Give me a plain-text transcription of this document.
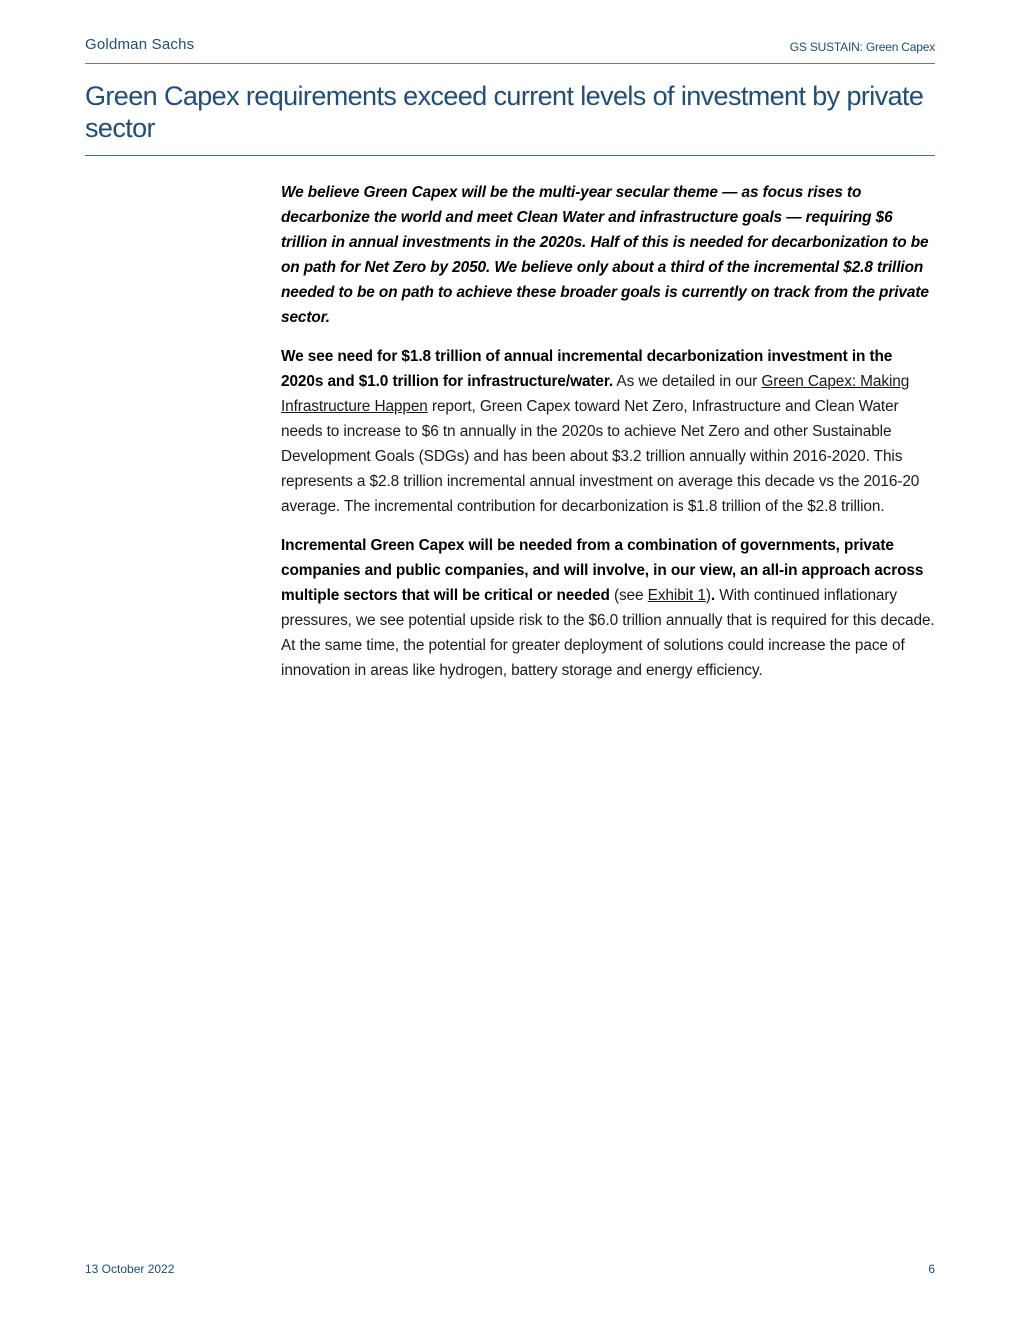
Goldman Sachs	GS SUSTAIN: Green Capex
Green Capex requirements exceed current levels of investment by private sector

We believe Green Capex will be the multi-year secular theme — as focus rises to decarbonize the world and meet Clean Water and infrastructure goals — requiring $6 trillion in annual investments in the 2020s. Half of this is needed for decarbonization to be on path for Net Zero by 2050. We believe only about a third of the incremental $2.8 trillion needed to be on path to achieve these broader goals is currently on track from the private sector.

We see need for $1.8 trillion of annual incremental decarbonization investment in the 2020s and $1.0 trillion for infrastructure/water. As we detailed in our Green Capex: Making Infrastructure Happen report, Green Capex toward Net Zero, Infrastructure and Clean Water needs to increase to $6 tn annually in the 2020s to achieve Net Zero and other Sustainable Development Goals (SDGs) and has been about $3.2 trillion annually within 2016-2020. This represents a $2.8 trillion incremental annual investment on average this decade vs the 2016-20 average. The incremental contribution for decarbonization is $1.8 trillion of the $2.8 trillion.

Incremental Green Capex will be needed from a combination of governments, private companies and public companies, and will involve, in our view, an all-in approach across multiple sectors that will be critical or needed (see Exhibit 1). With continued inflationary pressures, we see potential upside risk to the $6.0 trillion annually that is required for this decade. At the same time, the potential for greater deployment of solutions could increase the pace of innovation in areas like hydrogen, battery storage and energy efficiency.

13 October 2022	6
